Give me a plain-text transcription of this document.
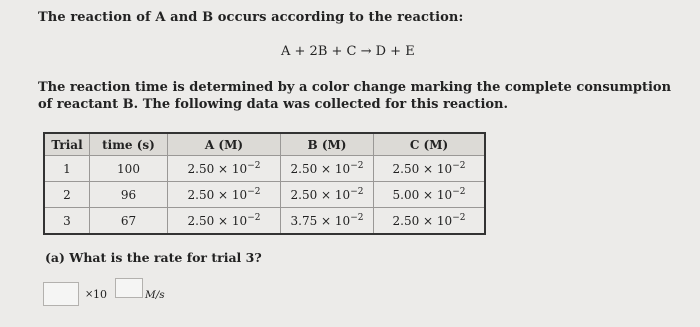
The reaction of A and B occurs according to the reaction:
A + 2B + C → D + E
The reaction time is determined by a color change marking the complete consumption of reactant B. The following data was collected for this reaction.
Trial	time (s)	A (M)	B (M)	C (M)
1	100	$2.50 \times 10^{-2}$	$2.50 \times 10^{-2}$	$2.50 \times 10^{-2}$
2	96	$2.50 \times 10^{-2}$	$2.50 \times 10^{-2}$	$5.00 \times 10^{-2}$
3	67	$2.50 \times 10^{-2}$	$3.75 \times 10^{-2}$	$2.50 \times 10^{-2}$
(a) What is the rate for trial 3?
× 10	M/s
